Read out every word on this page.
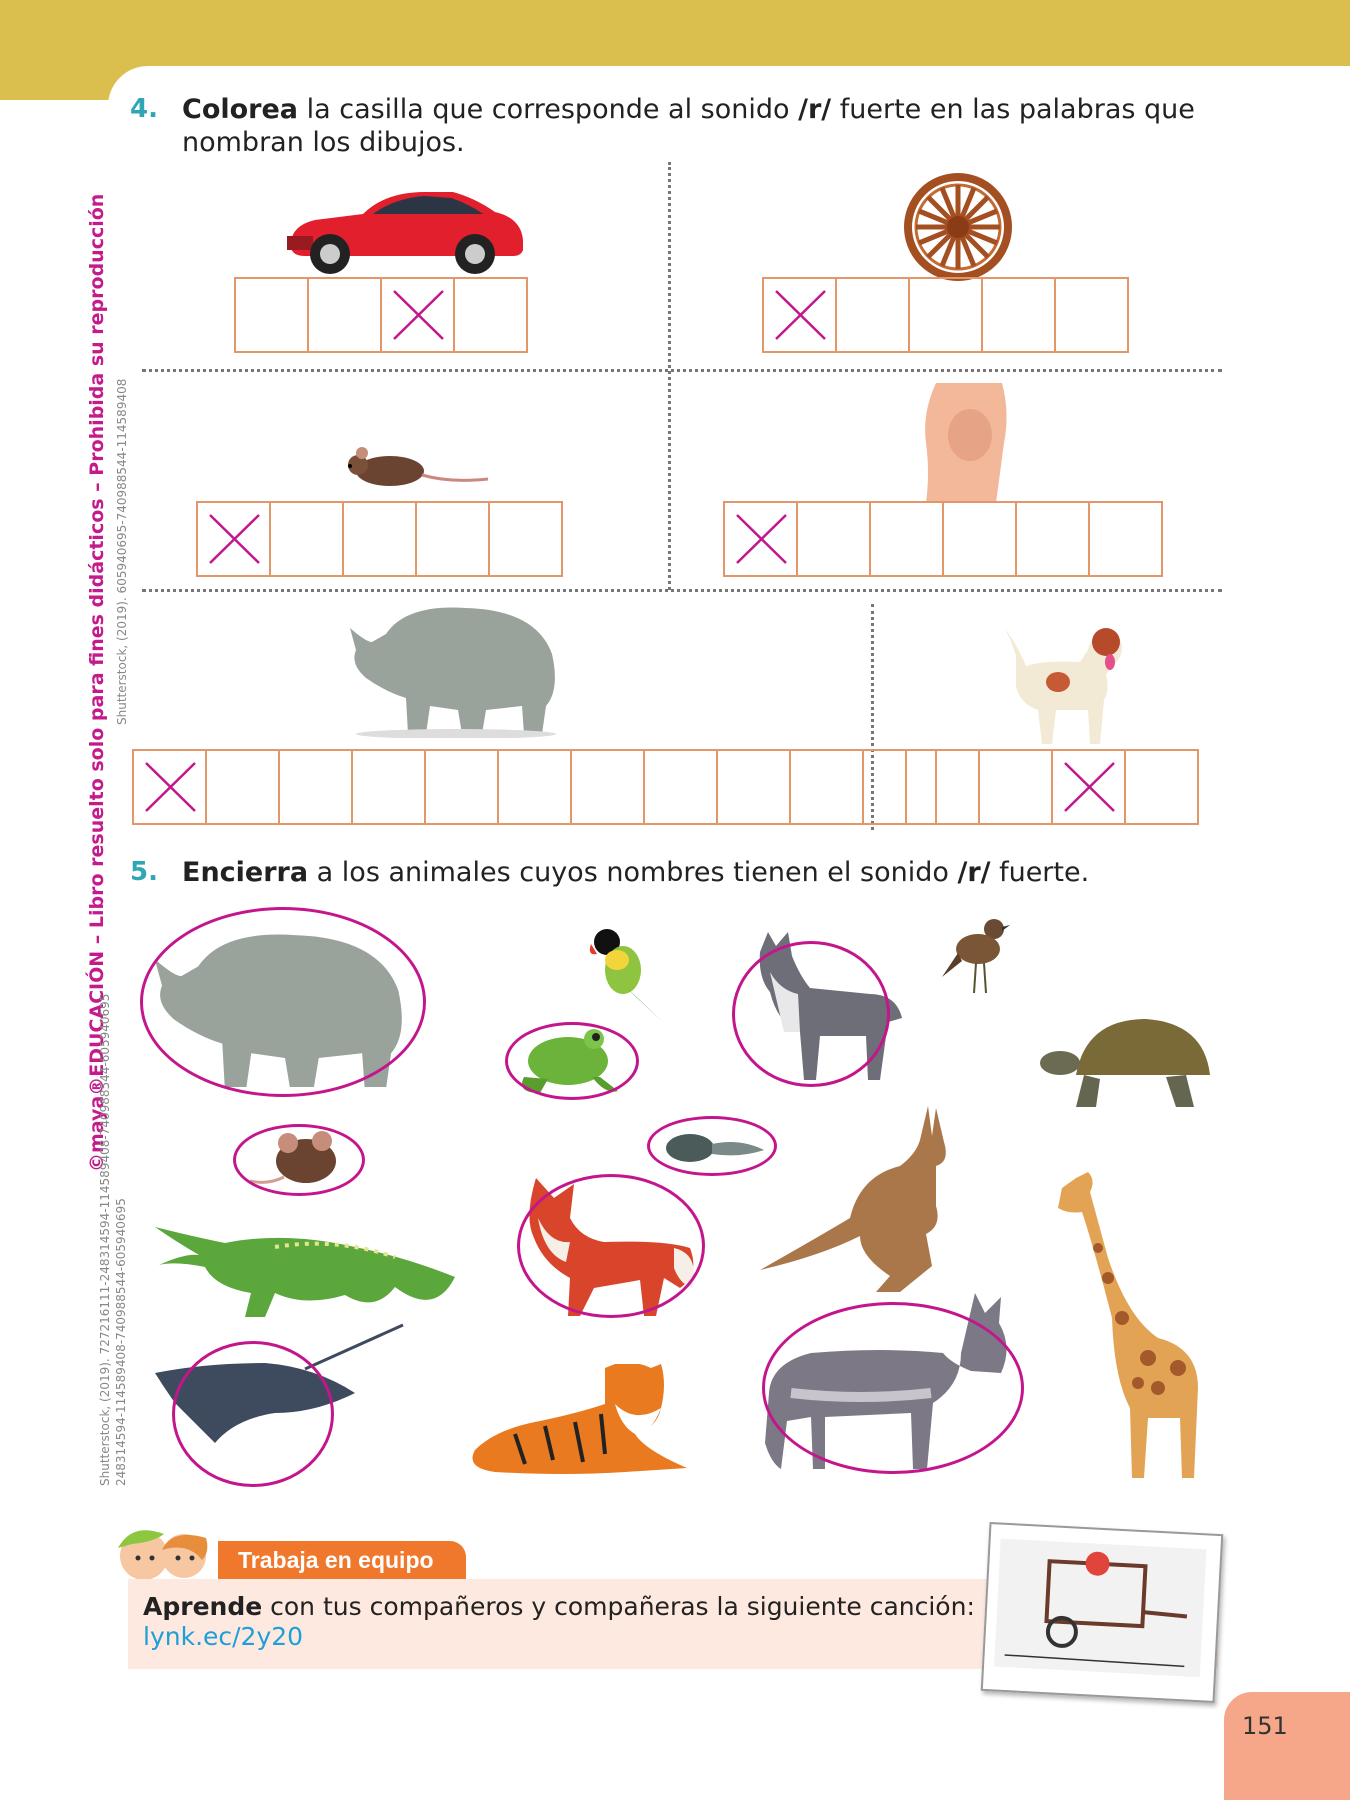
©maya®EDUCACIÓN – Libro resuelto solo para fines didácticos – Prohibida su reproducción Shutterstock, (2019). 605940695-740988544-114589408
Shutterstock, (2019). 727216111-248314594-114589408-740988544-605940695 248314594-114589408-740988544-605940695
4. Colorea la casilla que corresponde al sonido /r/ fuerte en las palabras que
nombran los dibujos.
5. Encierra a los animales cuyos nombres tienen el sonido /r/ fuerte.
Trabaja en equipo
Aprende con tus compañeros y compañeras la siguiente canción:
lynk.ec/2y20
151
